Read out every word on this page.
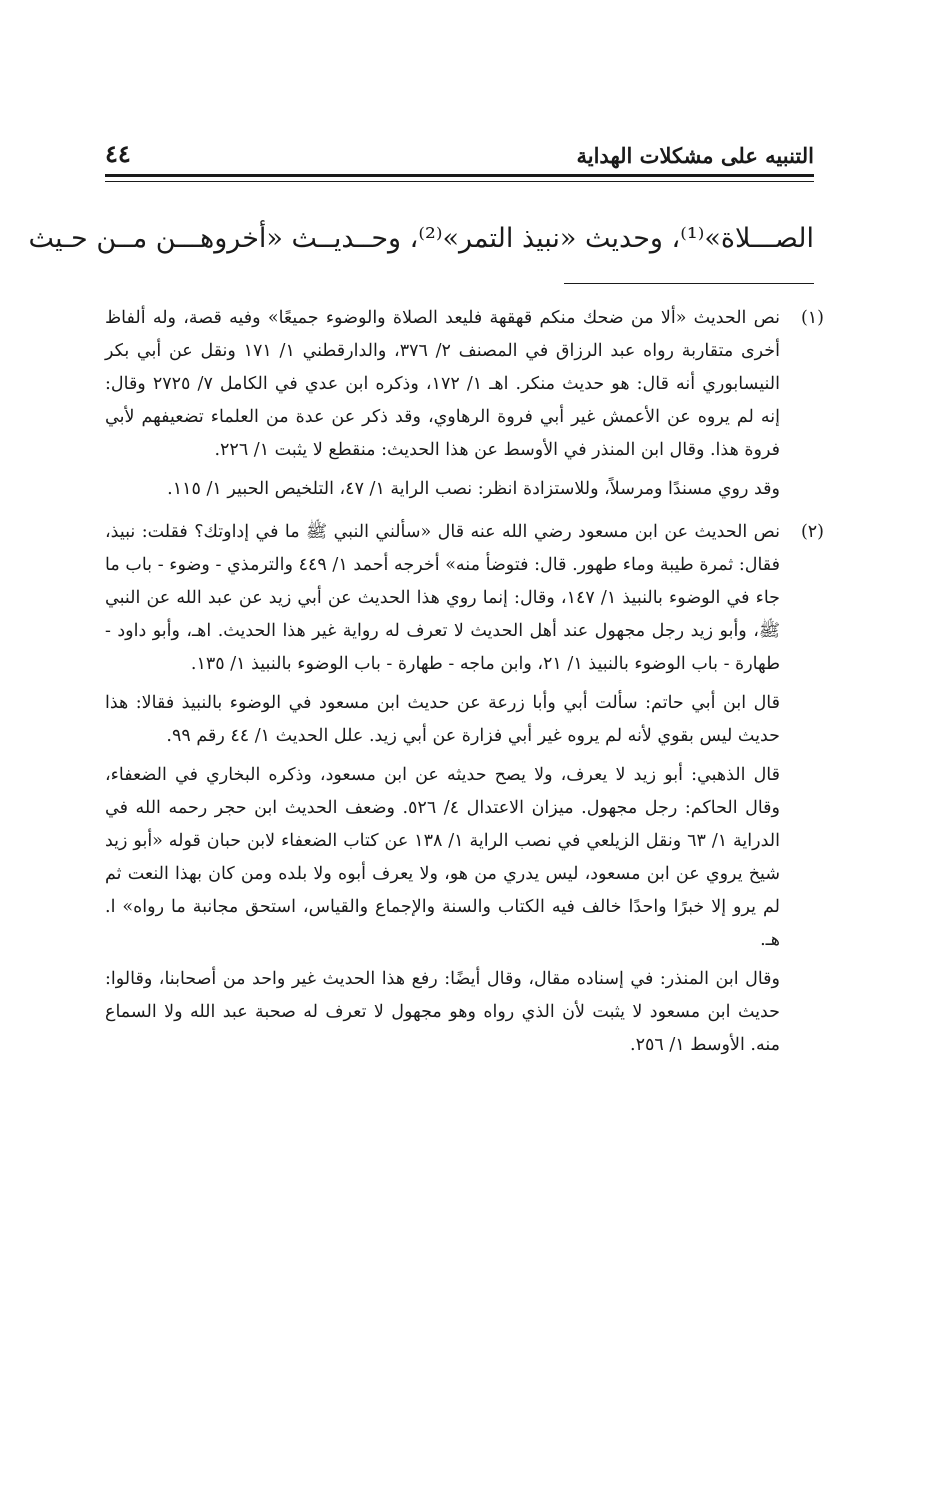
التنبيه على مشكلات الهداية
٤٤
الصـــلاة»⁽¹⁾، وحديث «نبيذ التمر»⁽²⁾، وحــديــث «أخروهـــن مــن حـيث
(١)

نص الحديث «ألا من ضحك منكم قهقهة فليعد الصلاة والوضوء جميعًا» وفيه قصة، وله ألفاظ أخرى متقاربة رواه عبد الرزاق في المصنف ٢/ ٣٧٦، والدارقطني ١/ ١٧١ ونقل عن أبي بكر النيسابوري أنه قال: هو حديث منكر. اهـ ١/ ١٧٢، وذكره ابن عدي في الكامل ٧/ ٢٧٢٥ وقال: إنه لم يروه عن الأعمش غير أبي فروة الرهاوي، وقد ذكر عن عدة من العلماء تضعيفهم لأبي فروة هذا. وقال ابن المنذر في الأوسط عن هذا الحديث: منقطع لا يثبت ١/ ٢٢٦.

وقد روي مسندًا ومرسلاً، وللاستزادة انظر: نصب الراية ١/ ٤٧، التلخيص الحبير ١/ ١١٥.

(٢)

نص الحديث عن ابن مسعود رضي الله عنه قال «سألني النبي ﷺ ما في إداوتك؟ فقلت: نبيذ، فقال: ثمرة طيبة وماء طهور. قال: فتوضأ منه» أخرجه أحمد ١/ ٤٤٩ والترمذي - وضوء - باب ما جاء في الوضوء بالنبيذ ١/ ١٤٧، وقال: إنما روي هذا الحديث عن أبي زيد عن عبد الله عن النبي ﷺ، وأبو زيد رجل مجهول عند أهل الحديث لا تعرف له رواية غير هذا الحديث. اهـ، وأبو داود - طهارة - باب الوضوء بالنبيذ ١/ ٢١، وابن ماجه - طهارة - باب الوضوء بالنبيذ ١/ ١٣٥.

قال ابن أبي حاتم: سألت أبي وأبا زرعة عن حديث ابن مسعود في الوضوء بالنبيذ فقالا: هذا حديث ليس بقوي لأنه لم يروه غير أبي فزارة عن أبي زيد. علل الحديث ١/ ٤٤ رقم ٩٩.

قال الذهبي: أبو زيد لا يعرف، ولا يصح حديثه عن ابن مسعود، وذكره البخاري في الضعفاء، وقال الحاكم: رجل مجهول. ميزان الاعتدال ٤/ ٥٢٦. وضعف الحديث ابن حجر رحمه الله في الدراية ١/ ٦٣ ونقل الزيلعي في نصب الراية ١/ ١٣٨ عن كتاب الضعفاء لابن حبان قوله «أبو زيد شيخ يروي عن ابن مسعود، ليس يدري من هو، ولا يعرف أبوه ولا بلده ومن كان بهذا النعت ثم لم يرو إلا خبرًا واحدًا خالف فيه الكتاب والسنة والإجماع والقياس، استحق مجانبة ما رواه» ا. هـ.

وقال ابن المنذر: في إسناده مقال، وقال أيضًا: رفع هذا الحديث غير واحد من أصحابنا، وقالوا: حديث ابن مسعود لا يثبت لأن الذي رواه وهو مجهول لا تعرف له صحبة عبد الله ولا السماع منه. الأوسط ١/ ٢٥٦.
